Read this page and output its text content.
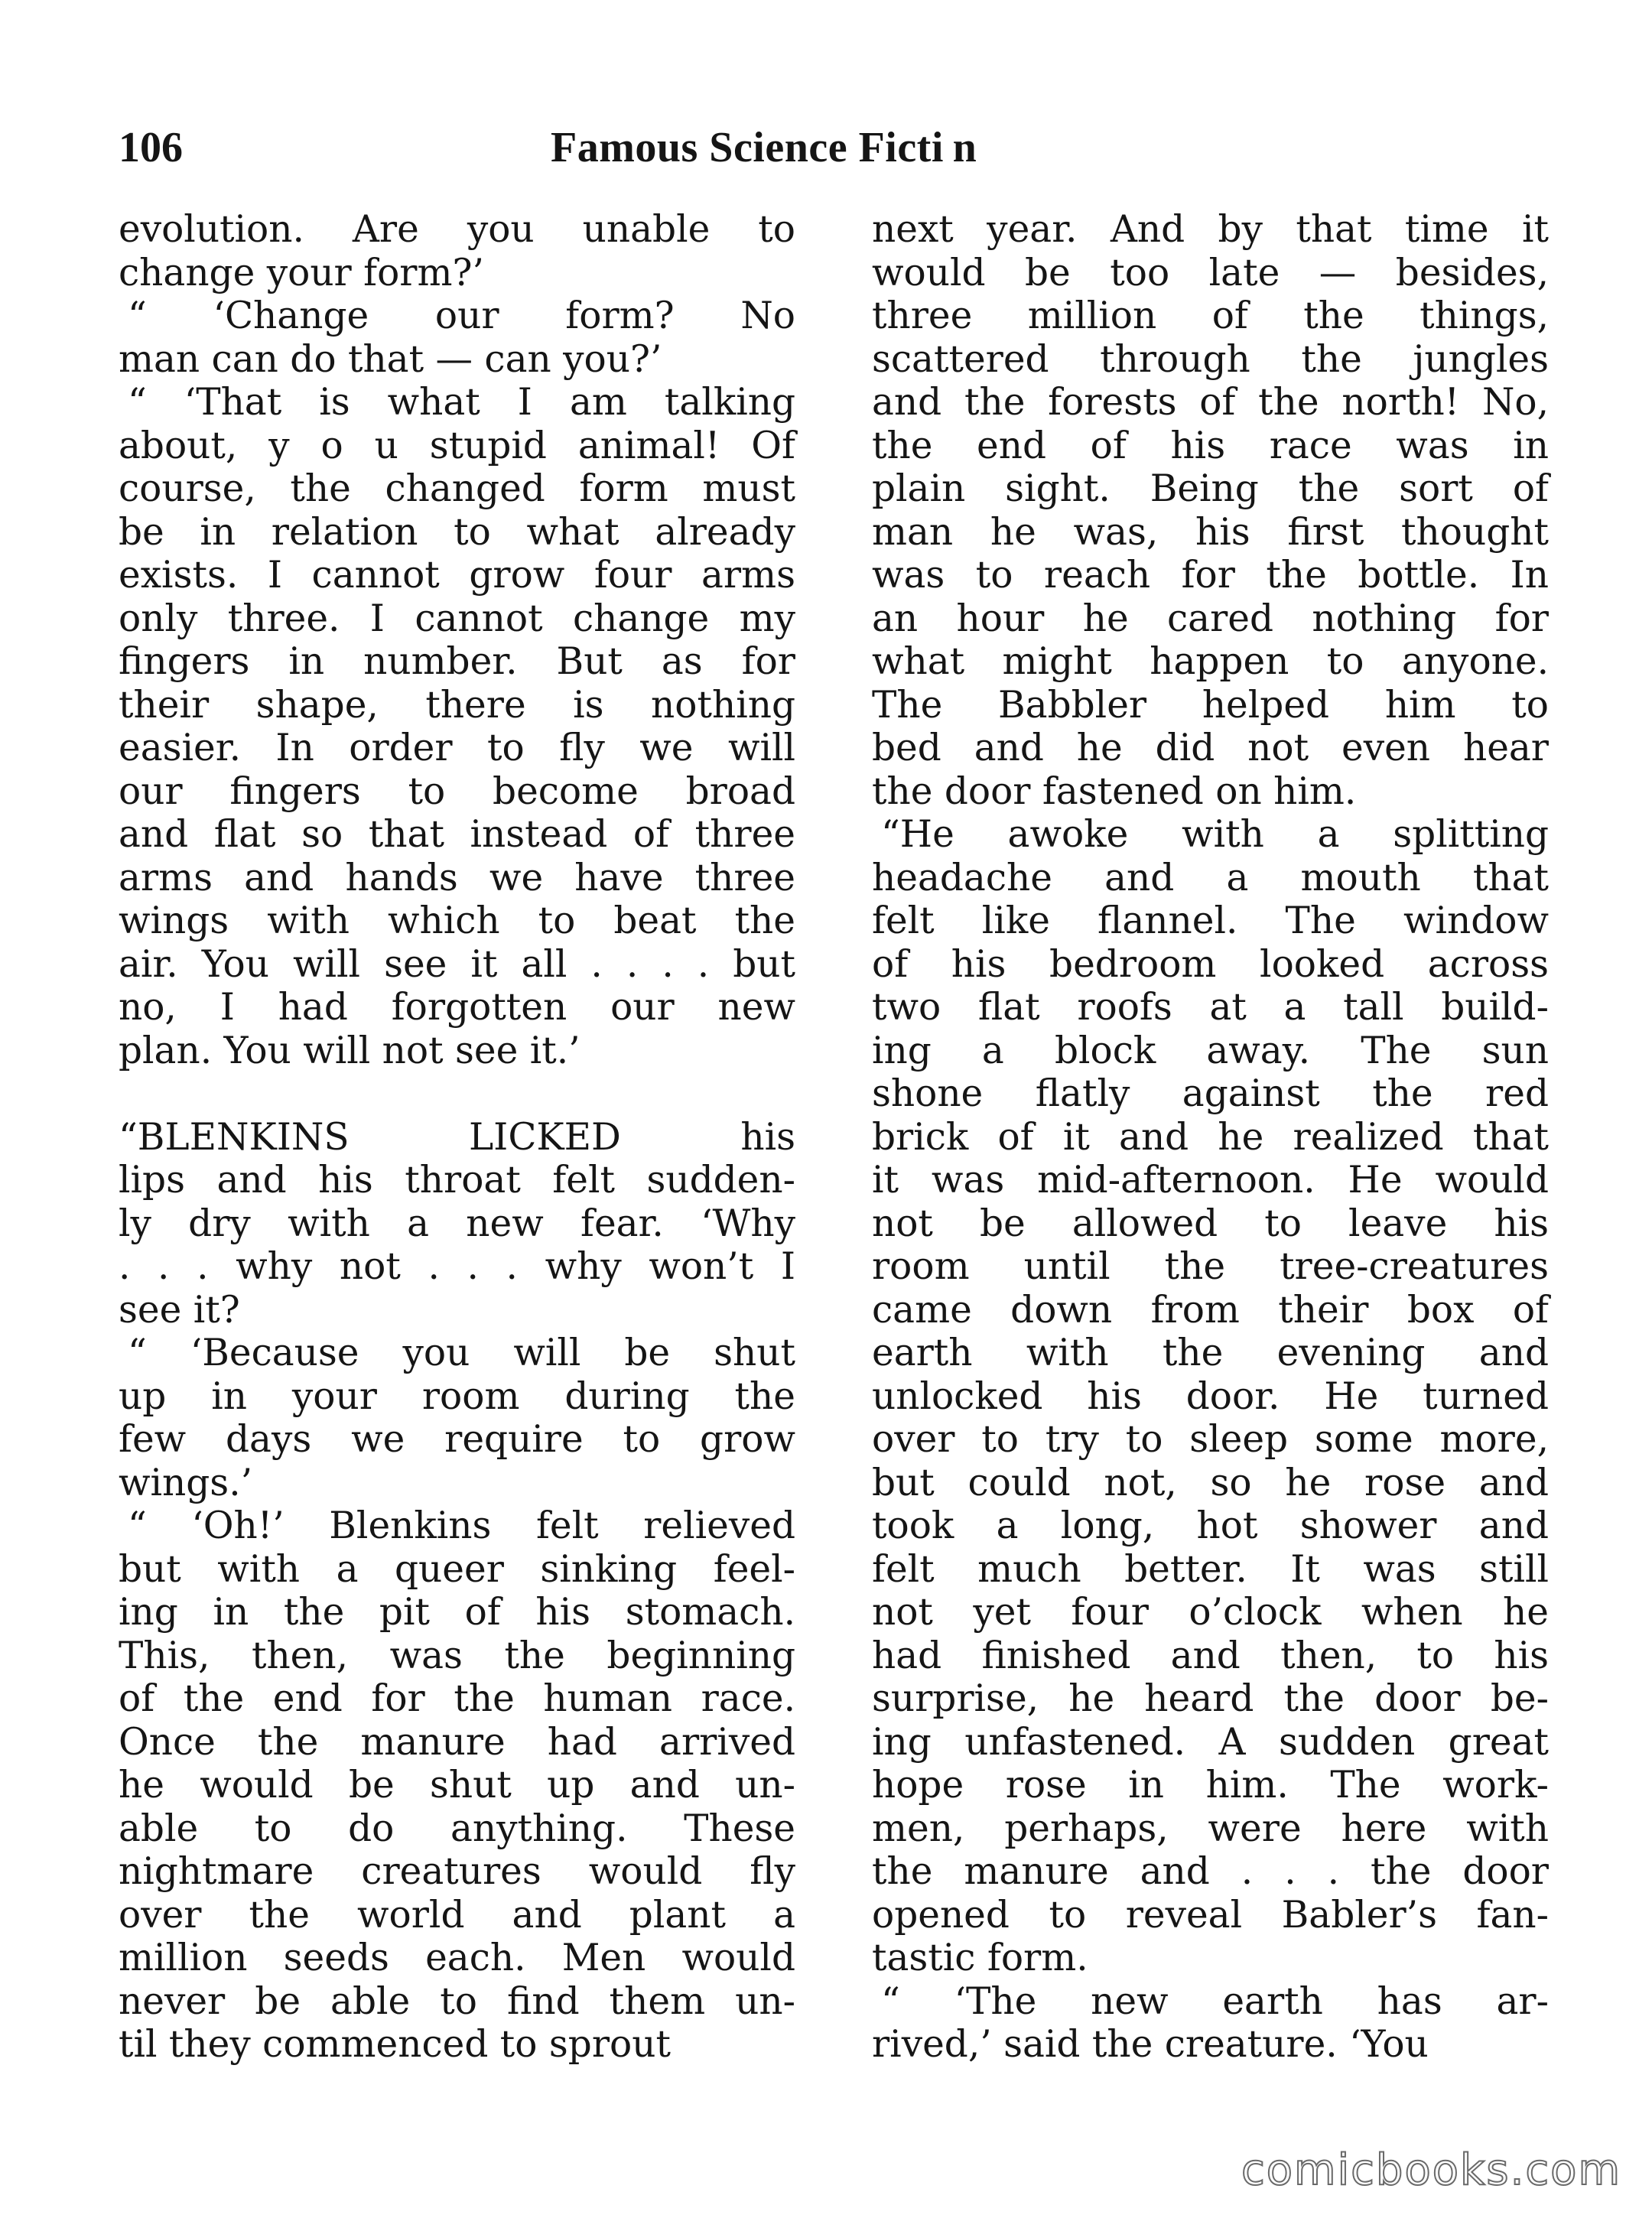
106	Famous Science Ficti n
evolution. Are you unable to
change your form?’
“ ‘Change our form? No
man can do that — can you?’
“ ‘That is what I am talking
about, y o u stupid animal! Of
course, the changed form must
be in relation to what already
exists. I cannot grow four arms
only three. I cannot change my
fingers in number. But as for
their shape, there is nothing
easier. In order to fly we will
our fingers to become broad
and flat so that instead of three
arms and hands we have three
wings with which to beat the
air. You will see it all . . . . but
no, I had forgotten our new
plan. You will not see it.’
“BLENKINS LICKED his
lips and his throat felt sudden-
ly dry with a new fear. ‘Why
. . . why not . . . why won’t I
see it?
“ ‘Because you will be shut
up in your room during the
few days we require to grow
wings.’
“ ‘Oh!’ Blenkins felt relieved
but with a queer sinking feel-
ing in the pit of his stomach.
This, then, was the beginning
of the end for the human race.
Once the manure had arrived
he would be shut up and un-
able to do anything. These
nightmare creatures would fly
over the world and plant a
million seeds each. Men would
never be able to find them un-
til they commenced to sprout
next year. And by that time it
would be too late — besides,
three million of the things,
scattered through the jungles
and the forests of the north! No,
the end of his race was in
plain sight. Being the sort of
man he was, his first thought
was to reach for the bottle. In
an hour he cared nothing for
what might happen to anyone.
The Babbler helped him to
bed and he did not even hear
the door fastened on him.
“He awoke with a splitting
headache and a mouth that
felt like flannel. The window
of his bedroom looked across
two flat roofs at a tall build-
ing a block away. The sun
shone flatly against the red
brick of it and he realized that
it was mid-afternoon. He would
not be allowed to leave his
room until the tree-creatures
came down from their box of
earth with the evening and
unlocked his door. He turned
over to try to sleep some more,
but could not, so he rose and
took a long, hot shower and
felt much better. It was still
not yet four o’clock when he
had finished and then, to his
surprise, he heard the door be-
ing unfastened. A sudden great
hope rose in him. The work-
men, perhaps, were here with
the manure and . . . the door
opened to reveal Babler’s fan-
tastic form.
“ ‘The new earth has ar-
rived,’ said the creature. ‘You
comicbooks.com
